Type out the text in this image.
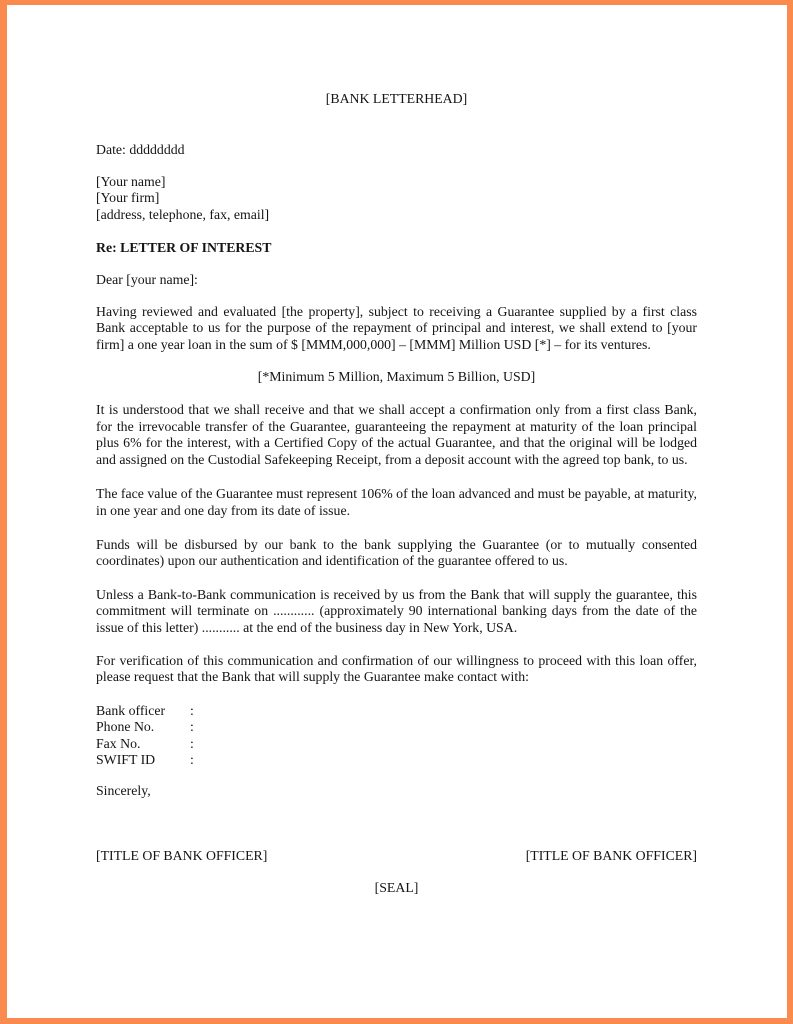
[BANK LETTERHEAD]

Date: dddddddd

[Your name]
[Your firm]
[address, telephone, fax, email]

Re: LETTER OF INTEREST

Dear [your name]:

Having reviewed and evaluated [the property], subject to receiving a Guarantee supplied by a first class Bank acceptable to us for the purpose of the repayment of principal and interest, we shall extend to [your firm] a one year loan in the sum of $ [MMM,000,000] – [MMM] Million USD [*] – for its ventures.

[*Minimum 5 Million, Maximum 5 Billion, USD]

It is understood that we shall receive and that we shall accept a confirmation only from a first class Bank, for the irrevocable transfer of the Guarantee, guaranteeing the repayment at maturity of the loan principal plus 6% for the interest, with a Certified Copy of the actual Guarantee, and that the original will be lodged and assigned on the Custodial Safekeeping Receipt, from a deposit account with the agreed top bank, to us.

The face value of the Guarantee must represent 106% of the loan advanced and must be payable, at maturity, in one year and one day from its date of issue.

Funds will be disbursed by our bank to the bank supplying the Guarantee (or to mutually consented coordinates) upon our authentication and identification of the guarantee offered to us.

Unless a Bank-to-Bank communication is received by us from the Bank that will supply the guarantee, this commitment will terminate on ............ (approximately 90 international banking days from the date of the issue of this letter) ........... at the end of the business day in New York, USA.

For verification of this communication and confirmation of our willingness to proceed with this loan offer, please request that the Bank that will supply the Guarantee make contact with:

Bank officer	:
Phone No.	:
Fax No.	:
SWIFT ID	:

Sincerely,

[TITLE OF BANK OFFICER]	[TITLE OF BANK OFFICER]

[SEAL]
